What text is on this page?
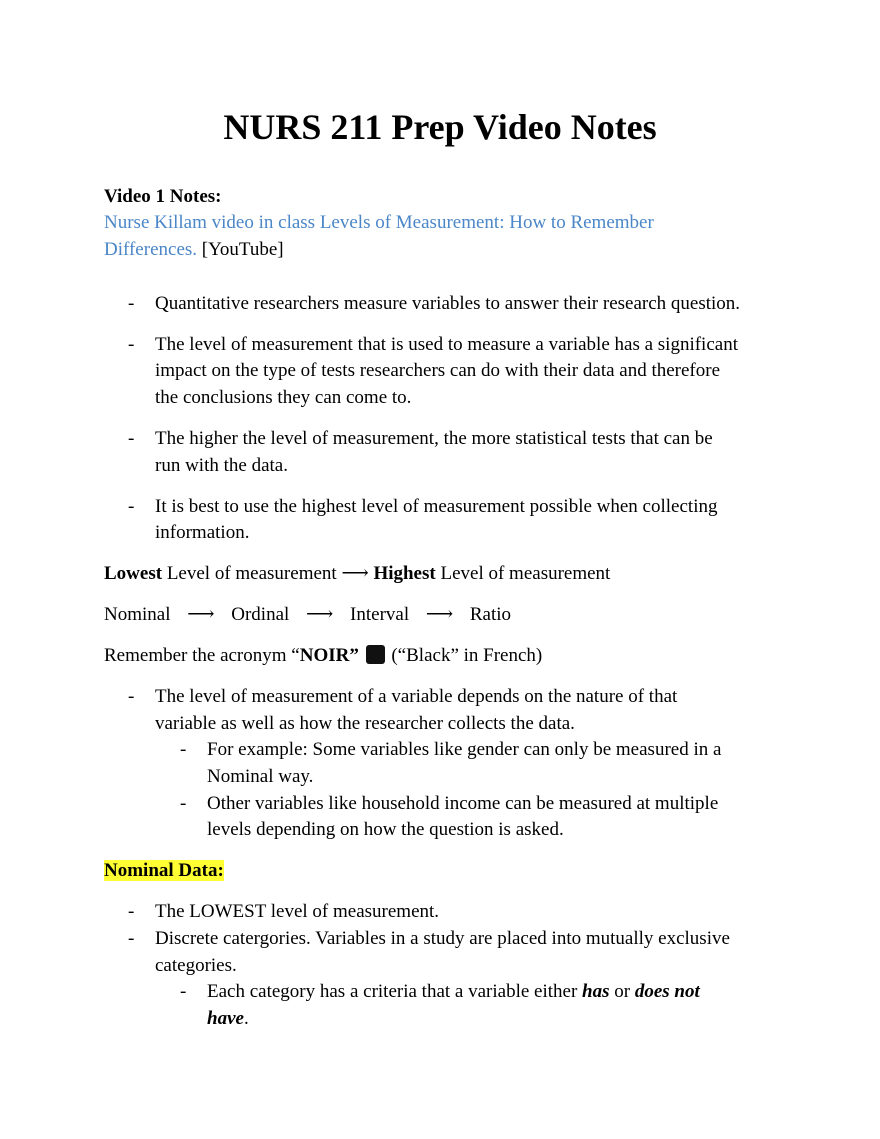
NURS 211 Prep Video Notes
Video 1 Notes:
Nurse Killam video in class Levels of Measurement: How to Remember
Differences. [YouTube]
- Quantitative researchers measure variables to answer their research question.
- The level of measurement that is used to measure a variable has a significant
impact on the type of tests researchers can do with their data and therefore
the conclusions they can come to.
- The higher the level of measurement, the more statistical tests that can be
run with the data.
- It is best to use the highest level of measurement possible when collecting
information.
Lowest Level of measurement ⟶ Highest Level of measurement
Nominal ⟶ Ordinal ⟶ Interval ⟶ Ratio
Remember the acronym “NOIR”  (“Black” in French)
- The level of measurement of a variable depends on the nature of that
variable as well as how the researcher collects the data.
- For example: Some variables like gender can only be measured in a
Nominal way.
- Other variables like household income can be measured at multiple
levels depending on how the question is asked.
Nominal Data:
- The LOWEST level of measurement.
- Discrete catergories. Variables in a study are placed into mutually exclusive
categories.
- Each category has a criteria that a variable either has or does not
have.
